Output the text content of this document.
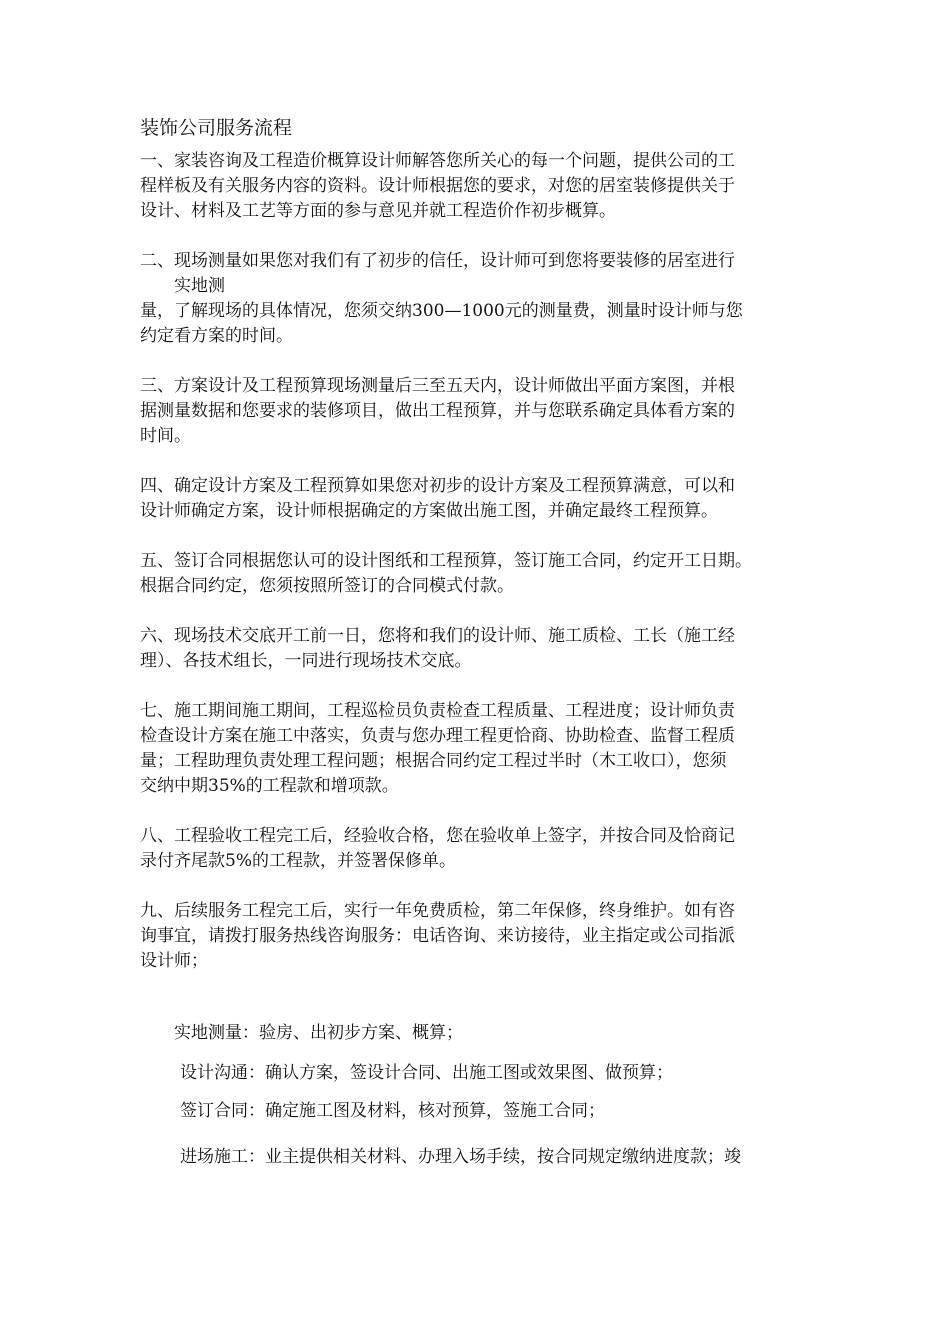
装饰公司服务流程
一、家装咨询及工程造价概算设计师解答您所关心的每一个问题，提供公司的工
程样板及有关服务内容的资料。设计师根据您的要求，对您的居室装修提供关于
设计、材料及工艺等方面的参与意见并就工程造价作初步概算。
二、现场测量如果您对我们有了初步的信任，设计师可到您将要装修的居室进行
实地测
量，了解现场的具体情况，您须交纳300—1000元的测量费，测量时设计师与您
约定看方案的时间。
三、方案设计及工程预算现场测量后三至五天内，设计师做出平面方案图，并根
据测量数据和您要求的装修项目，做出工程预算，并与您联系确定具体看方案的
时间。
四、确定设计方案及工程预算如果您对初步的设计方案及工程预算满意，可以和
设计师确定方案，设计师根据确定的方案做出施工图，并确定最终工程预算。
五、签订合同根据您认可的设计图纸和工程预算，签订施工合同，约定开工日期。
根据合同约定，您须按照所签订的合同模式付款。
六、现场技术交底开工前一日，您将和我们的设计师、施工质检、工长（施工经
理）、各技术组长，一同进行现场技术交底。
七、施工期间施工期间，工程巡检员负责检查工程质量、工程进度；设计师负责
检查设计方案在施工中落实，负责与您办理工程更恰商、协助检查、监督工程质
量；工程助理负责处理工程问题；根据合同约定工程过半时（木工收口），您须
交纳中期35%的工程款和增项款。
八、工程验收工程完工后，经验收合格，您在验收单上签字，并按合同及恰商记
录付齐尾款5%的工程款，并签署保修单。
九、后续服务工程完工后，实行一年免费质检，第二年保修，终身维护。如有咨
询事宜，请拨打服务热线咨询服务：电话咨询、来访接待，业主指定或公司指派
设计师；
实地测量：验房、出初步方案、概算；
设计沟通：确认方案，签设计合同、出施工图或效果图、做预算；
签订合同：确定施工图及材料，核对预算，签施工合同；
进场施工：业主提供相关材料、办理入场手续，按合同规定缴纳进度款；竣
